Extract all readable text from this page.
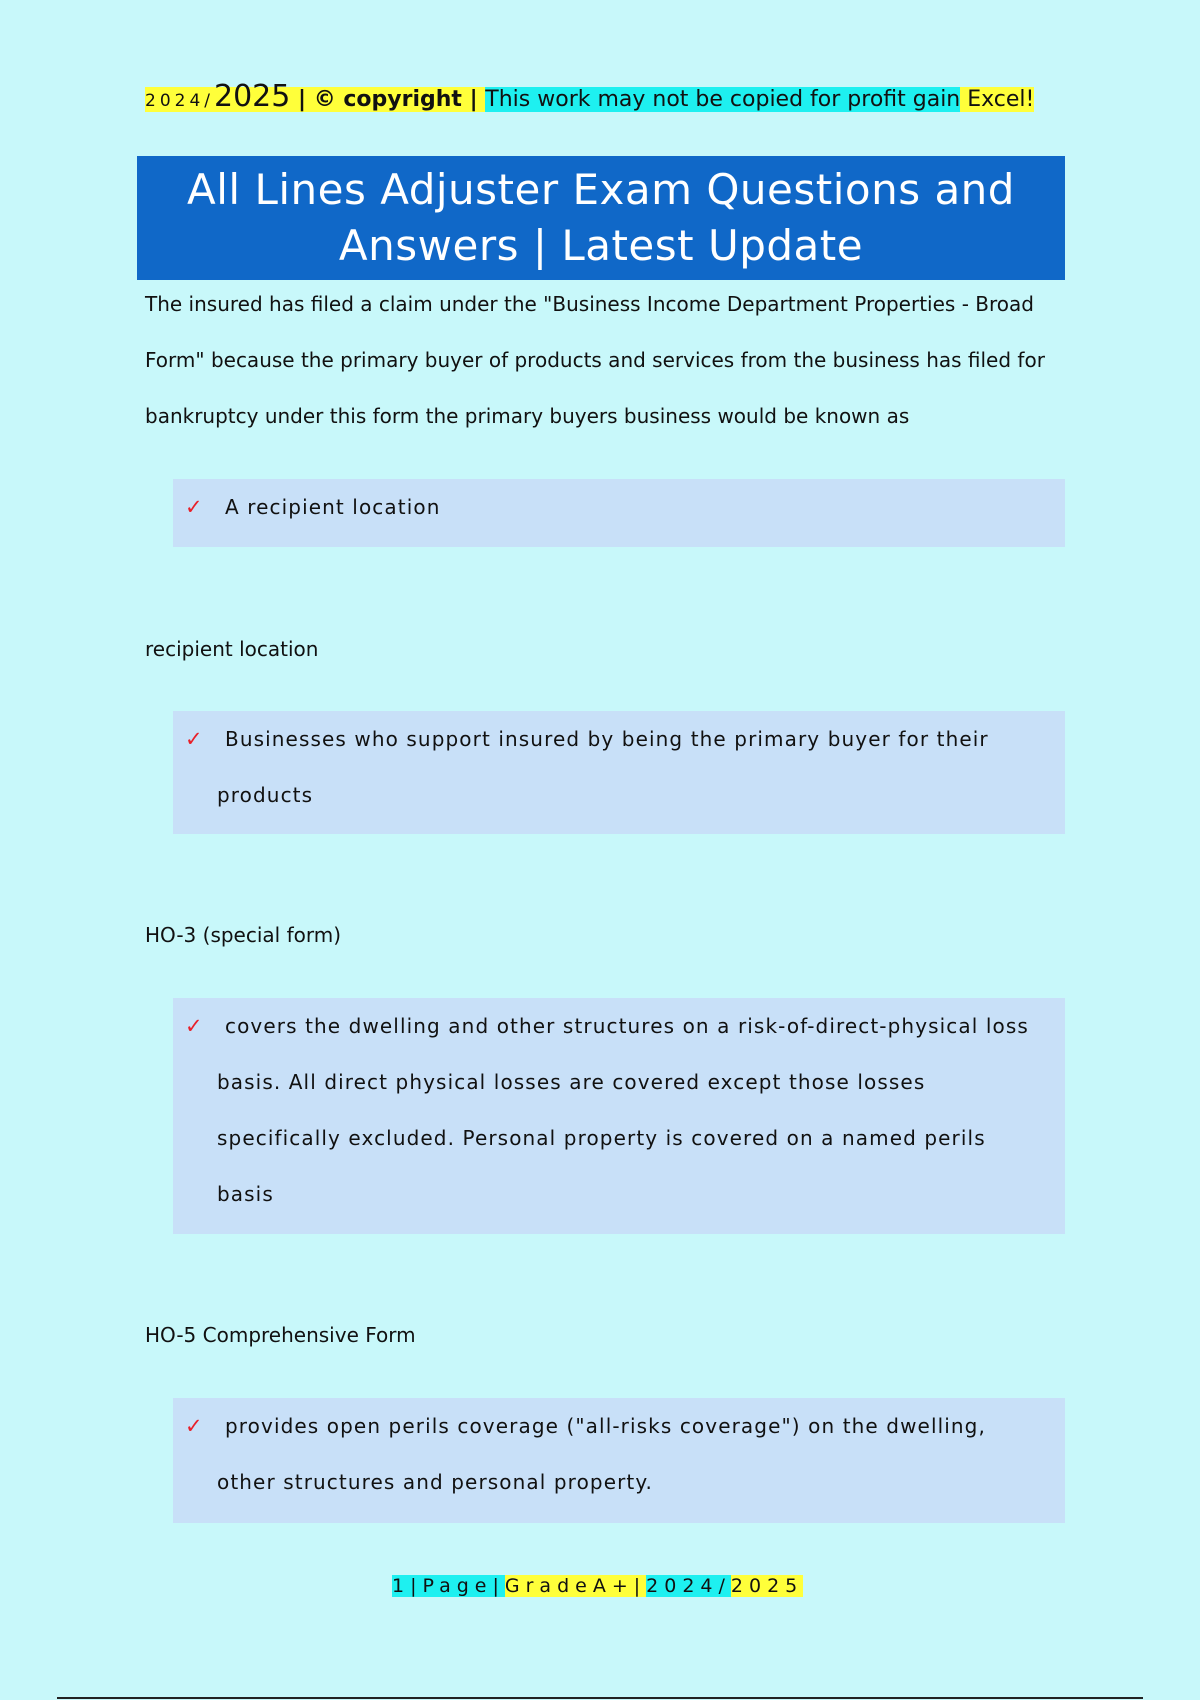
2024/2025 | © copyright | This work may not be copied for profit gain Excel!
All Lines Adjuster Exam Questions and
Answers | Latest Update
The insured has filed a claim under the "Business Income Department Properties - Broad
Form" because the primary buyer of products and services from the business has filed for
bankruptcy under this form the primary buyers business would be known as
✓	A recipient location
recipient location
✓	Businesses who support insured by being the primary buyer for their
products
HO-3 (special form)
✓	covers the dwelling and other structures on a risk-of-direct-physical loss
basis. All direct physical losses are covered except those losses
specifically excluded. Personal property is covered on a named perils
basis
HO-5 Comprehensive Form
✓	provides open perils coverage ("all-risks coverage") on the dwelling,
other structures and personal property.
1|Page|GradeA+|2024/2025
